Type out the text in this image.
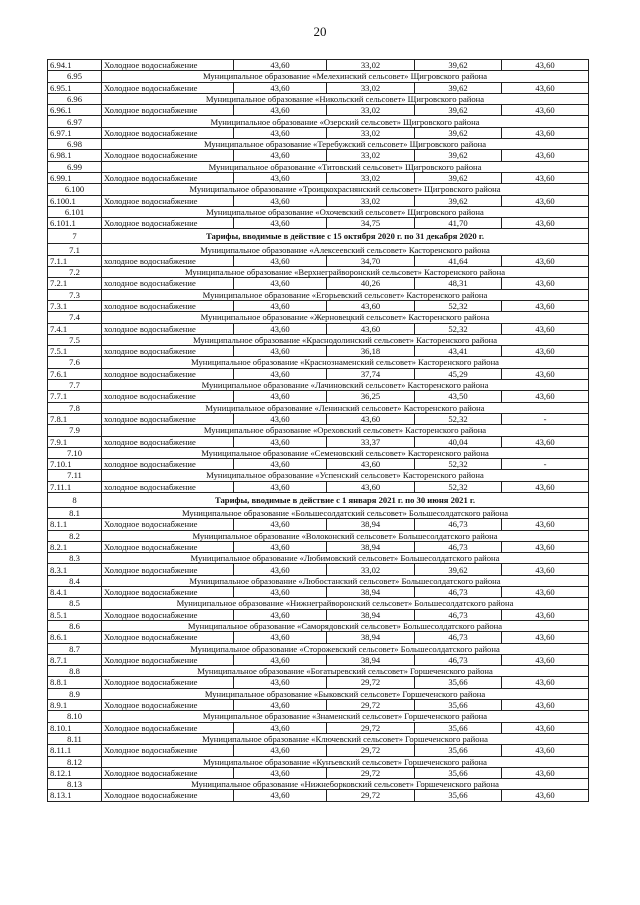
20
6.94.1	Холодное водоснабжение	43,60	33,02	39,62	43,60
6.95	Муниципальное образование «Мелехинский сельсовет» Щигровского района				
6.95.1	Холодное водоснабжение	43,60	33,02	39,62	43,60
6.96	Муниципальное образование «Никольский сельсовет» Щигровского района				
6.96.1	Холодное водоснабжение	43,60	33,02	39,62	43,60
6.97	Муниципальное образование «Озерский сельсовет» Щигровского района				
6.97.1	Холодное водоснабжение	43,60	33,02	39,62	43,60
6.98	Муниципальное образование «Теребужский сельсовет» Щигровского района				
6.98.1	Холодное водоснабжение	43,60	33,02	39,62	43,60
6.99	Муниципальное образование «Титовский сельсовет» Щигровского района				
6.99.1	Холодное водоснабжение	43,60	33,02	39,62	43,60
6.100	Муниципальное образование «Троицкохраснянский сельсовет» Щигровского района				
6.100.1	Холодное водоснабжение	43,60	33,02	39,62	43,60
6.101	Муниципальное образование «Охочевский сельсовет» Щигровского района				
6.101.1	Холодное водоснабжение	43,60	34,75	41,70	43,60
7	Тарифы, вводимые в действие с 15 октября 2020 г. по 31 декабря 2020 г.				
7.1	Муниципальное образование «Алексеевский сельсовет» Касторенского района				
7.1.1	холодное водоснабжение	43,60	34,70	41,64	43,60
7.2	Муниципальное образование «Верхнеграйворонский сельсовет» Касторенского района				
7.2.1	холодное водоснабжение	43,60	40,26	48,31	43,60
7.3	Муниципальное образование «Егорьевский сельсовет» Касторенского района				
7.3.1	холодное водоснабжение	43,60	43,60	52,32	43,60
7.4	Муниципальное образование «Жерновецкий сельсовет» Касторенского района				
7.4.1	холодное водоснабжение	43,60	43,60	52,32	43,60
7.5	Муниципальное образование «Краснодолинский сельсовет» Касторенского района				
7.5.1	холодное водоснабжение	43,60	36,18	43,41	43,60
7.6	Муниципальное образование «Краснознаменский сельсовет» Касторенского района				
7.6.1	холодное водоснабжение	43,60	37,74	45,29	43,60
7.7	Муниципальное образование «Лачиновский сельсовет» Касторенского района				
7.7.1	холодное водоснабжение	43,60	36,25	43,50	43,60
7.8	Муниципальное образование «Ленинский сельсовет» Касторенского района				
7.8.1	холодное водоснабжение	43,60	43,60	52,32	-
7.9	Муниципальное образование «Ореховский сельсовет» Касторенского района				
7.9.1	холодное водоснабжение	43,60	33,37	40,04	43,60
7.10	Муниципальное образование «Семеновский сельсовет» Касторенского района				
7.10.1	холодное водоснабжение	43,60	43,60	52,32	-
7.11	Муниципальное образование «Успенский сельсовет» Касторенского района				
7.11.1	холодное водоснабжение	43,60	43,60	52,32	43,60
8	Тарифы, вводимые в действие с 1 января 2021 г. по 30 июня 2021 г.				
8.1	Муниципальное образование «Большесолдатский сельсовет» Большесолдатского района				
8.1.1	Холодное водоснабжение	43,60	38,94	46,73	43,60
8.2	Муниципальное образование «Волоконский сельсовет» Большесолдатского района				
8.2.1	Холодное водоснабжение	43,60	38,94	46,73	43,60
8.3	Муниципальное образование «Любимовский сельсовет» Большесолдатского района				
8.3.1	Холодное водоснабжение	43,60	33,02	39,62	43,60
8.4	Муниципальное образование «Любостанский сельсовет» Большесолдатского района				
8.4.1	Холодное водоснабжение	43,60	38,94	46,73	43,60
8.5	Муниципальное образование «Нижнеграйворонский сельсовет» Большесолдатского района				
8.5.1	Холодное водоснабжение	43,60	38,94	46,73	43,60
8.6	Муниципальное образование «Саморядовский сельсовет» Большесолдатского района				
8.6.1	Холодное водоснабжение	43,60	38,94	46,73	43,60
8.7	Муниципальное образование «Сторожевский сельсовет» Большесолдатского района				
8.7.1	Холодное водоснабжение	43,60	38,94	46,73	43,60
8.8	Муниципальное образование «Богатыревский сельсовет» Горшеченского района				
8.8.1	Холодное водоснабжение	43,60	29,72	35,66	43,60
8.9	Муниципальное образование «Быковский сельсовет» Горшеченского района				
8.9.1	Холодное водоснабжение	43,60	29,72	35,66	43,60
8.10	Муниципальное образование «Знаменский сельсовет» Горшеченского района				
8.10.1	Холодное водоснабжение	43,60	29,72	35,66	43,60
8.11	Муниципальное образование «Ключевский сельсовет» Горшеченского района				
8.11.1	Холодное водоснабжение	43,60	29,72	35,66	43,60
8.12	Муниципальное образование «Кунъевский сельсовет» Горшеченского района				
8.12.1	Холодное водоснабжение	43,60	29,72	35,66	43,60
8.13	Муниципальное образование «Нижнеборковский сельсовет» Горшеченского района				
8.13.1	Холодное водоснабжение	43,60	29,72	35,66	43,60
